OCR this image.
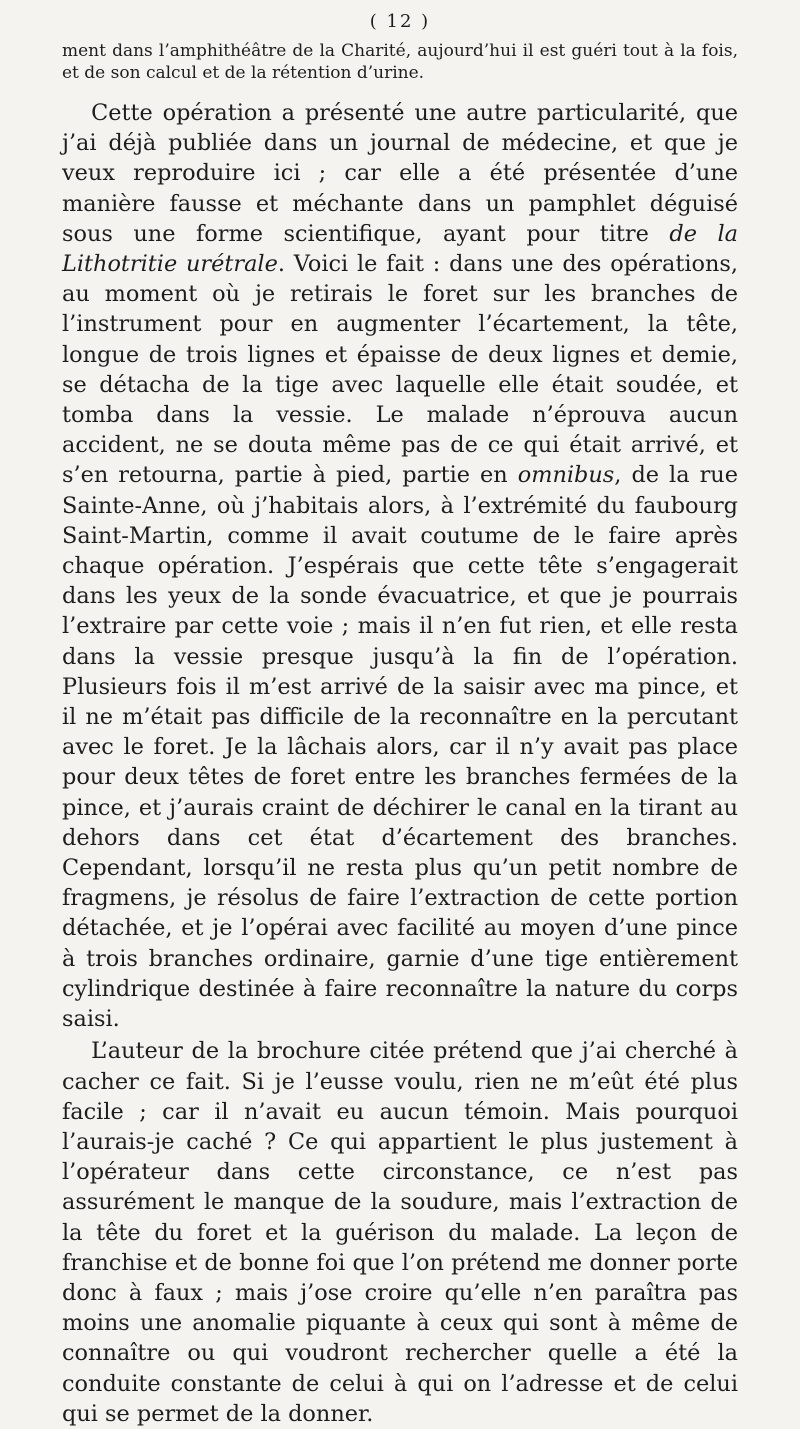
( 12 )

ment dans l’amphithéâtre de la Charité, aujourd’hui il est guéri tout à la fois, et de son calcul et de la rétention d’urine.

Cette opération a présenté une autre particularité, que j’ai déjà publiée dans un journal de médecine, et que je veux reproduire ici ; car elle a été présentée d’une manière fausse et méchante dans un pamphlet déguisé sous une forme scientifique, ayant pour titre de la Lithotritie urétrale. Voici le fait : dans une des opérations, au moment où je retirais le foret sur les branches de l’instrument pour en augmenter l’écartement, la tête, longue de trois lignes et épaisse de deux lignes et demie, se détacha de la tige avec laquelle elle était soudée, et tomba dans la vessie. Le malade n’éprouva aucun accident, ne se douta même pas de ce qui était arrivé, et s’en retourna, partie à pied, partie en omnibus, de la rue Sainte-Anne, où j’habitais alors, à l’extrémité du faubourg Saint-Martin, comme il avait coutume de le faire après chaque opération. J’espérais que cette tête s’engagerait dans les yeux de la sonde évacuatrice, et que je pourrais l’extraire par cette voie ; mais il n’en fut rien, et elle resta dans la vessie presque jusqu’à la fin de l’opération. Plusieurs fois il m’est arrivé de la saisir avec ma pince, et il ne m’était pas difficile de la reconnaître en la percutant avec le foret. Je la lâchais alors, car il n’y avait pas place pour deux têtes de foret entre les branches fermées de la pince, et j’aurais craint de déchirer le canal en la tirant au dehors dans cet état d’écartement des branches. Cependant, lorsqu’il ne resta plus qu’un petit nombre de fragmens, je résolus de faire l’extraction de cette portion détachée, et je l’opérai avec facilité au moyen d’une pince à trois branches ordinaire, garnie d’une tige entièrement cylindrique destinée à faire reconnaître la nature du corps saisi.

L’auteur de la brochure citée prétend que j’ai cherché à cacher ce fait. Si je l’eusse voulu, rien ne m’eût été plus facile ; car il n’avait eu aucun témoin. Mais pourquoi l’aurais-je caché ? Ce qui appartient le plus justement à l’opérateur dans cette circonstance, ce n’est pas assurément le manque de la soudure, mais l’extraction de la tête du foret et la guérison du malade. La leçon de franchise et de bonne foi que l’on prétend me donner porte donc à faux ; mais j’ose croire qu’elle n’en paraîtra pas moins une anomalie piquante à ceux qui sont à même de connaître ou qui voudront rechercher quelle a été la conduite constante de celui à qui on l’adresse et de celui qui se permet de la donner.
